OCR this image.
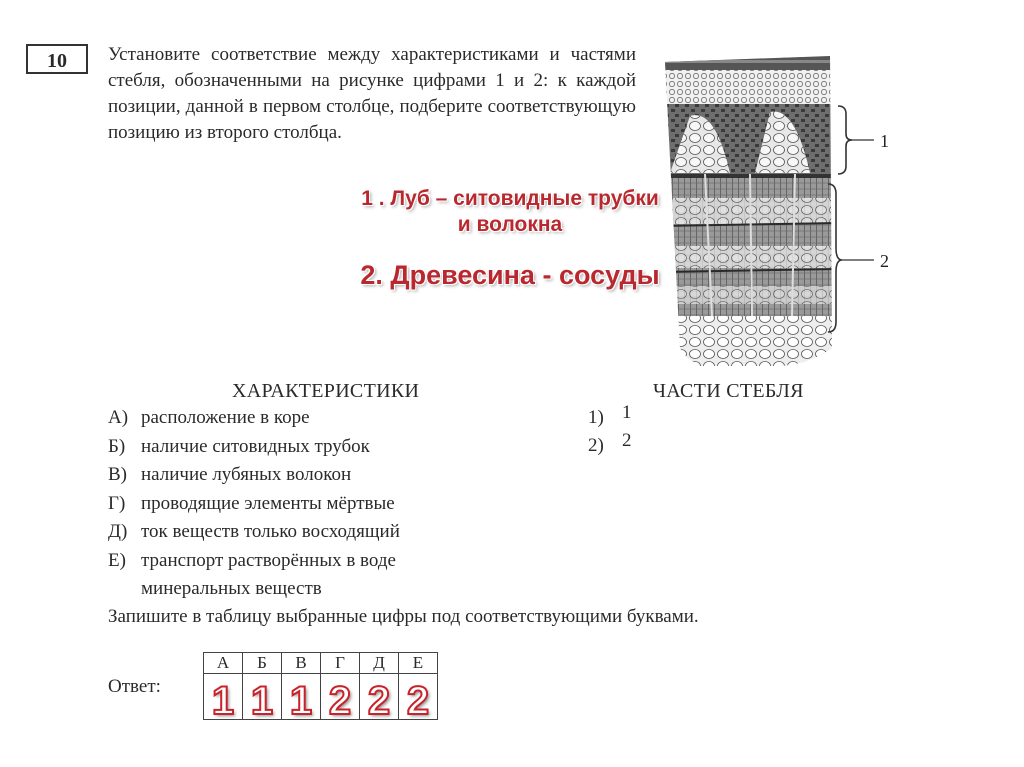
10	Установите соответствие между характеристиками и частями стебля, обозначенными на рисунке цифрами 1 и 2: к каждой позиции, данной в первом столбце, подберите соответствующую позицию из второго столбца.	1
2
1 . Луб – ситовидные трубки и волокна
2. Древесина - сосуды
ХАРАКТЕРИСТИКИ	ЧАСТИ СТЕБЛЯ
А) расположение в коре
Б) наличие ситовидных трубок
В) наличие лубяных волокон
Г) проводящие элементы мёртвые
Д) ток веществ только восходящий
Е) транспорт растворённых в воде минеральных веществ
1) 1
2) 2
Запишите в таблицу выбранные цифры под соответствующими буквами.
Ответ:
А	Б	В	Г	Д	Е
1	1	1	2	2	2
